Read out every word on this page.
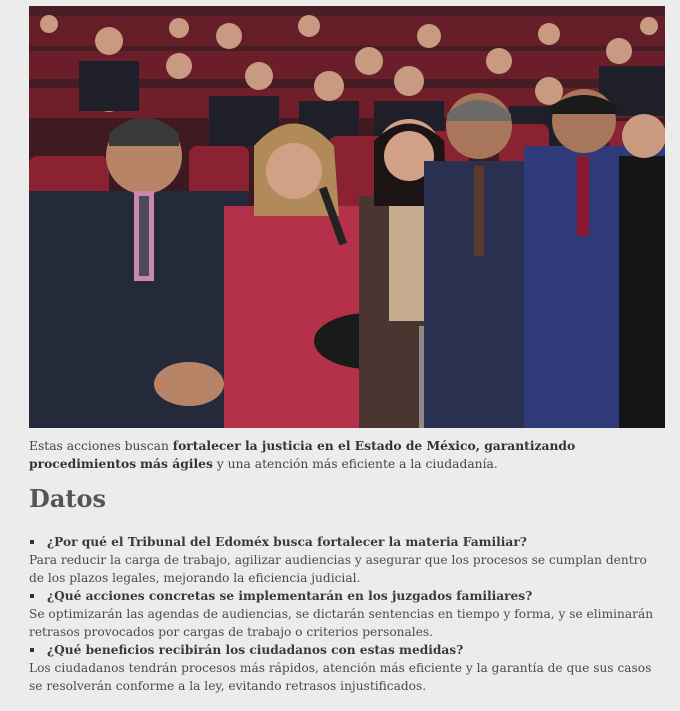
Estas acciones buscan fortalecer la justicia en el Estado de México, garantizando procedimientos más ágiles y una atención más eficiente a la ciudadanía.
Datos
¿Por qué el Tribunal del Edoméx busca fortalecer la materia Familiar?
Para reducir la carga de trabajo, agilizar audiencias y asegurar que los procesos se cumplan dentro de los plazos legales, mejorando la eficiencia judicial.
¿Qué acciones concretas se implementarán en los juzgados familiares?
Se optimizarán las agendas de audiencias, se dictarán sentencias en tiempo y forma, y se eliminarán retrasos provocados por cargas de trabajo o criterios personales.
¿Qué beneficios recibirán los ciudadanos con estas medidas?
Los ciudadanos tendrán procesos más rápidos, atención más eficiente y la garantía de que sus casos se resolverán conforme a la ley, evitando retrasos injustificados.
